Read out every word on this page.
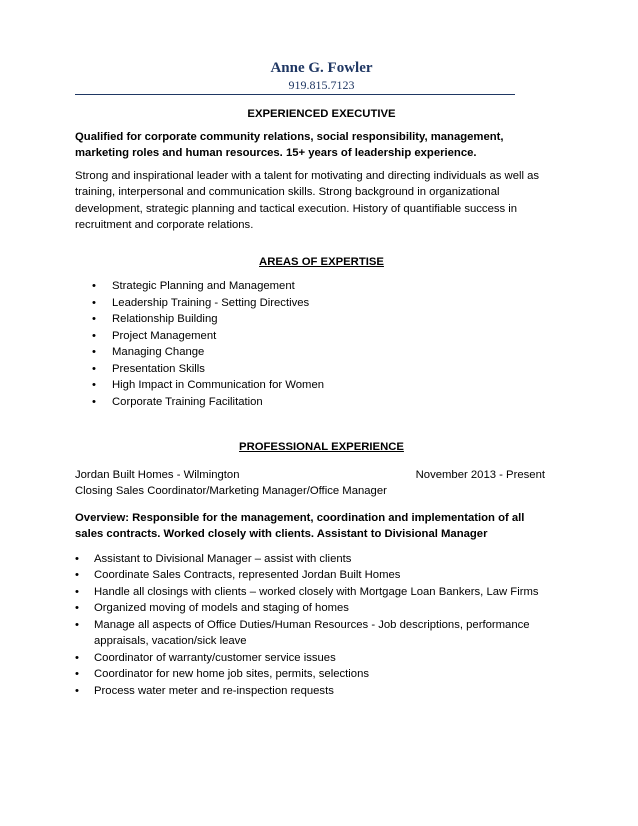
Anne G. Fowler
919.815.7123
EXPERIENCED EXECUTIVE

Qualified for corporate community relations, social responsibility, management, marketing roles and human resources. 15+ years of leadership experience.

Strong and inspirational leader with a talent for motivating and directing individuals as well as training, interpersonal and communication skills. Strong background in organizational development, strategic planning and tactical execution. History of quantifiable success in recruitment and corporate relations.

AREAS OF EXPERTISE
• Strategic Planning and Management
• Leadership Training - Setting Directives
• Relationship Building
• Project Management
• Managing Change
• Presentation Skills
• High Impact in Communication for Women
• Corporate Training Facilitation
PROFESSIONAL EXPERIENCE
Jordan Built Homes - Wilmington	November 2013 - Present
Closing Sales Coordinator/Marketing Manager/Office Manager

Overview: Responsible for the management, coordination and implementation of all sales contracts. Worked closely with clients. Assistant to Divisional Manager

• Assistant to Divisional Manager – assist with clients
• Coordinate Sales Contracts, represented Jordan Built Homes
• Handle all closings with clients – worked closely with Mortgage Loan Bankers, Law Firms
• Organized moving of models and staging of homes
• Manage all aspects of Office Duties/Human Resources - Job descriptions, performance appraisals, vacation/sick leave
• Coordinator of warranty/customer service issues
• Coordinator for new home job sites, permits, selections
• Process water meter and re-inspection requests
